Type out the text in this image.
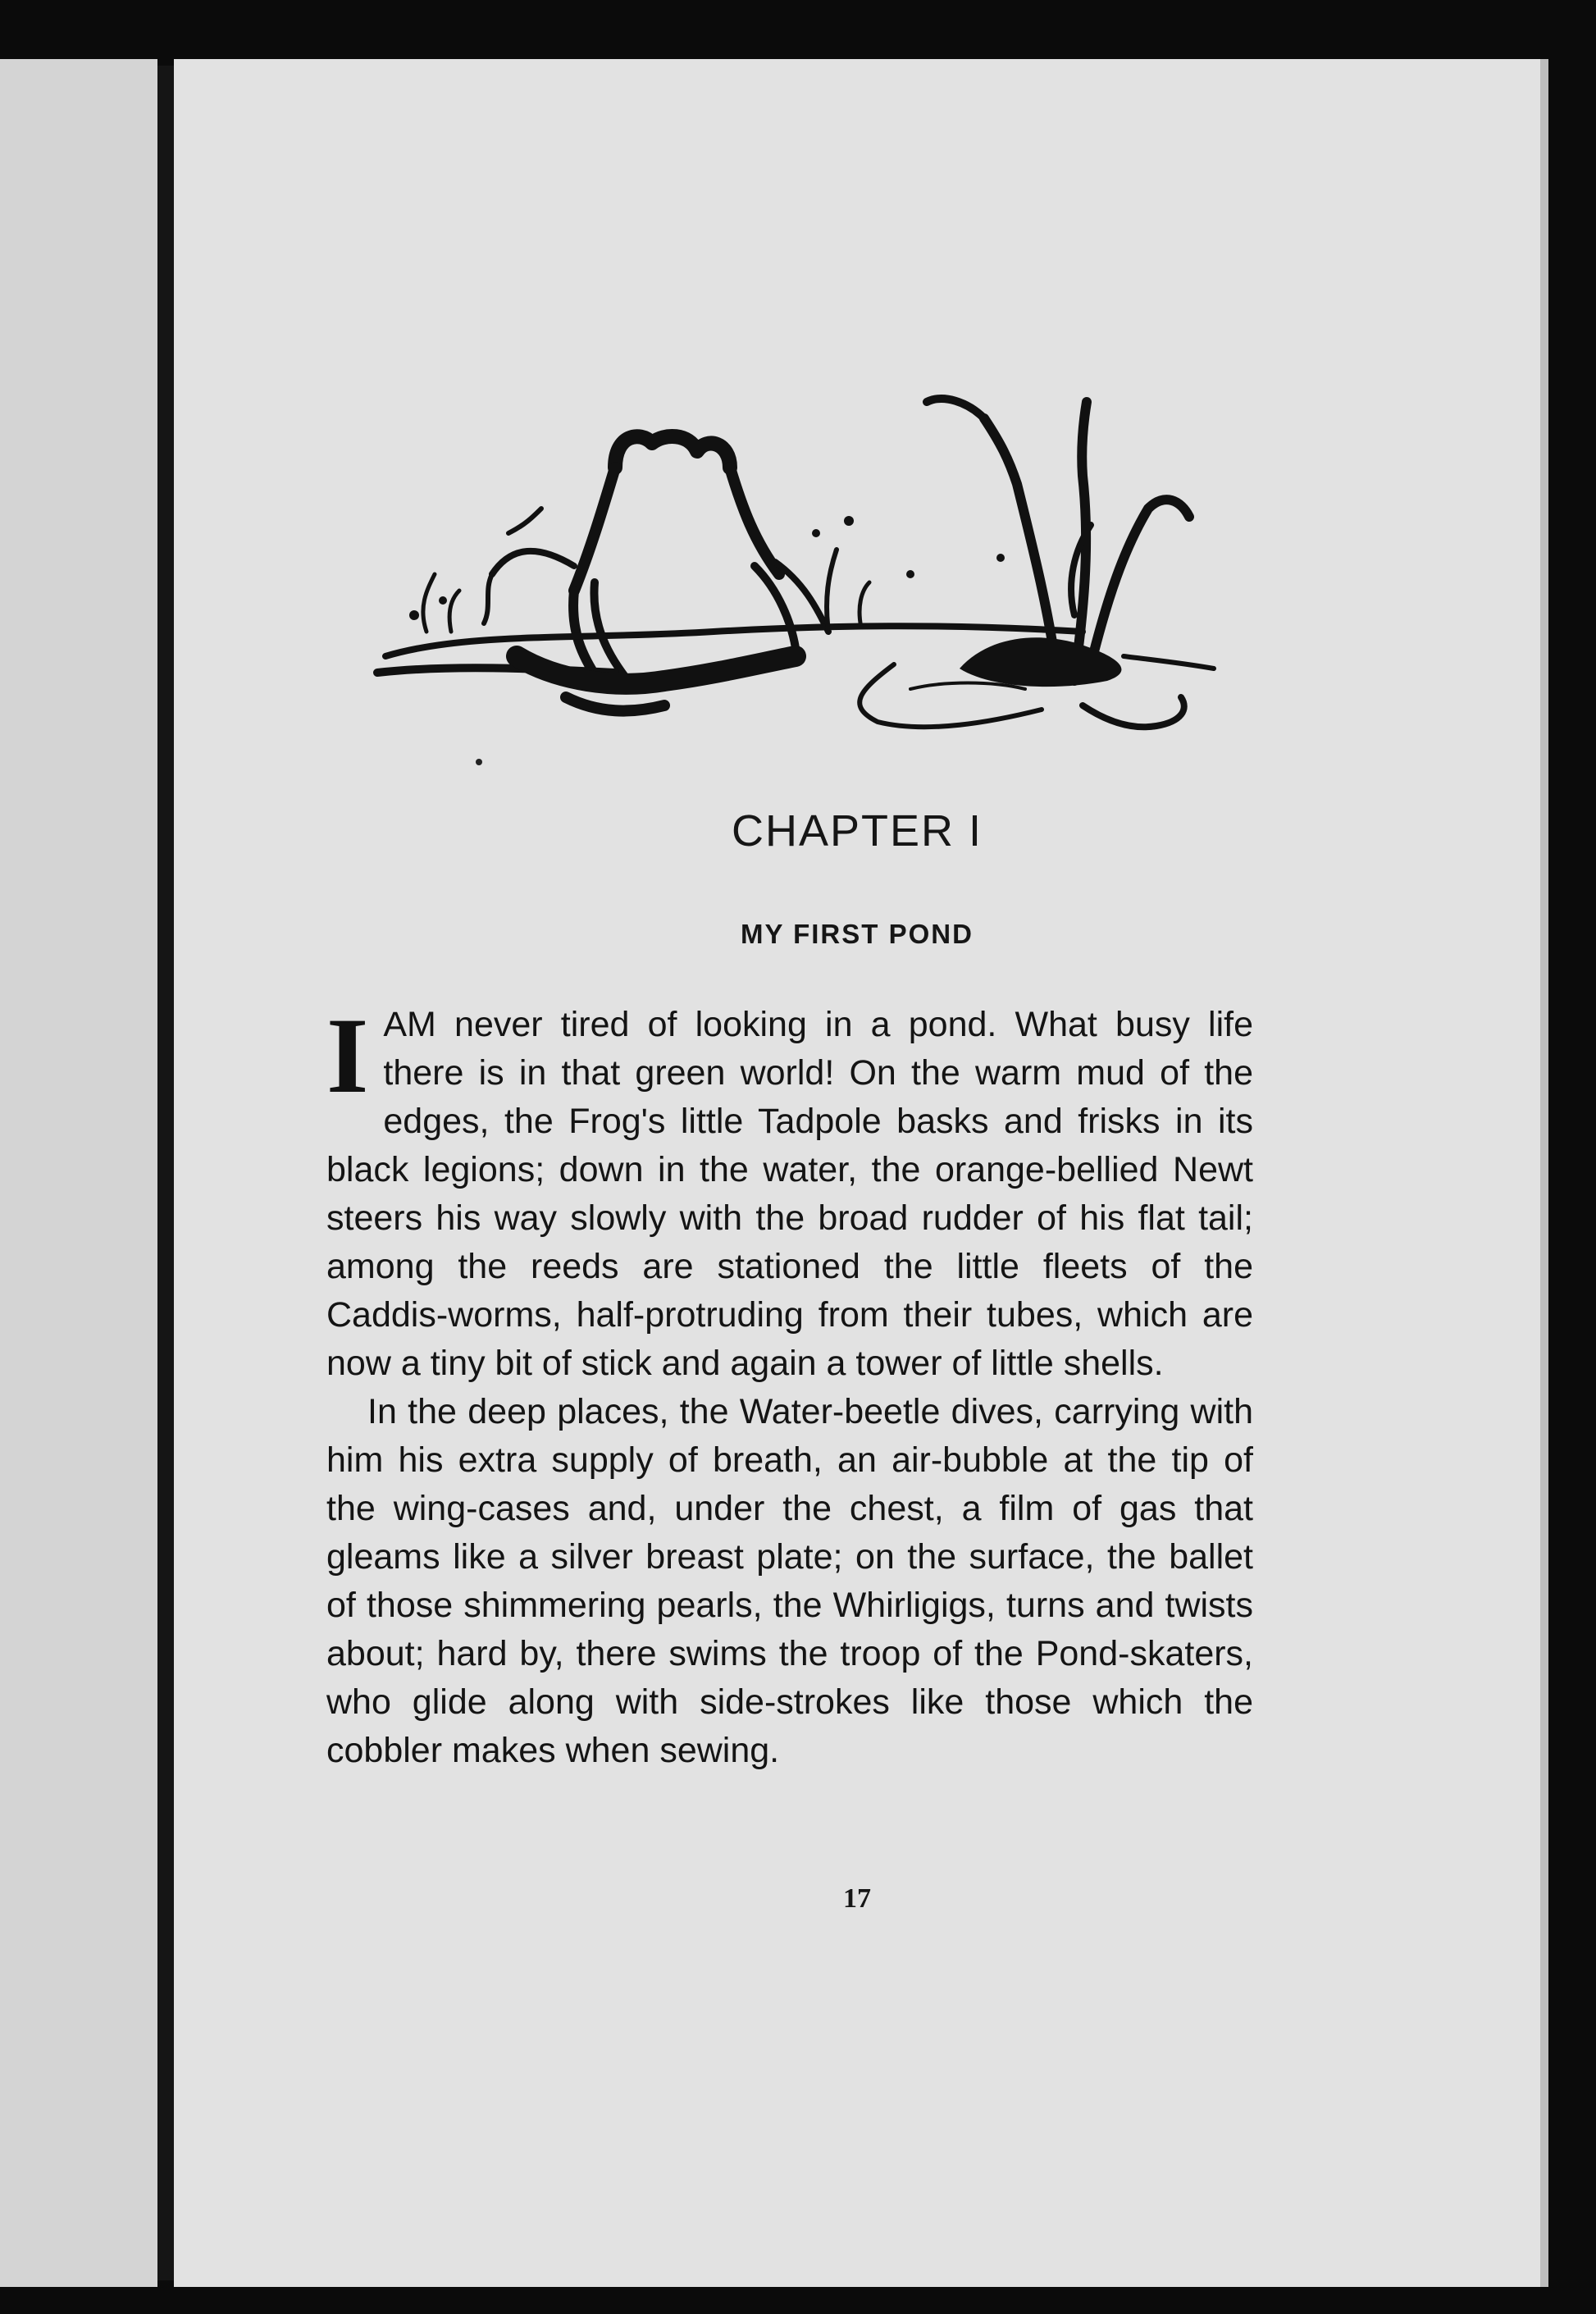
CHAPTER I
MY FIRST POND

I AM never tired of looking in a pond. What busy life there is in that green world! On the warm mud of the edges, the Frog's little Tadpole basks and frisks in its black legions; down in the water, the orange-bellied Newt steers his way slowly with the broad rudder of his flat tail; among the reeds are stationed the little fleets of the Caddis-worms, half-protruding from their tubes, which are now a tiny bit of stick and again a tower of little shells.

In the deep places, the Water-beetle dives, carrying with him his extra supply of breath, an air-bubble at the tip of the wing-cases and, under the chest, a film of gas that gleams like a silver breast plate; on the surface, the ballet of those shimmering pearls, the Whirligigs, turns and twists about; hard by, there swims the troop of the Pond-skaters, who glide along with side-strokes like those which the cobbler makes when sewing.

17
